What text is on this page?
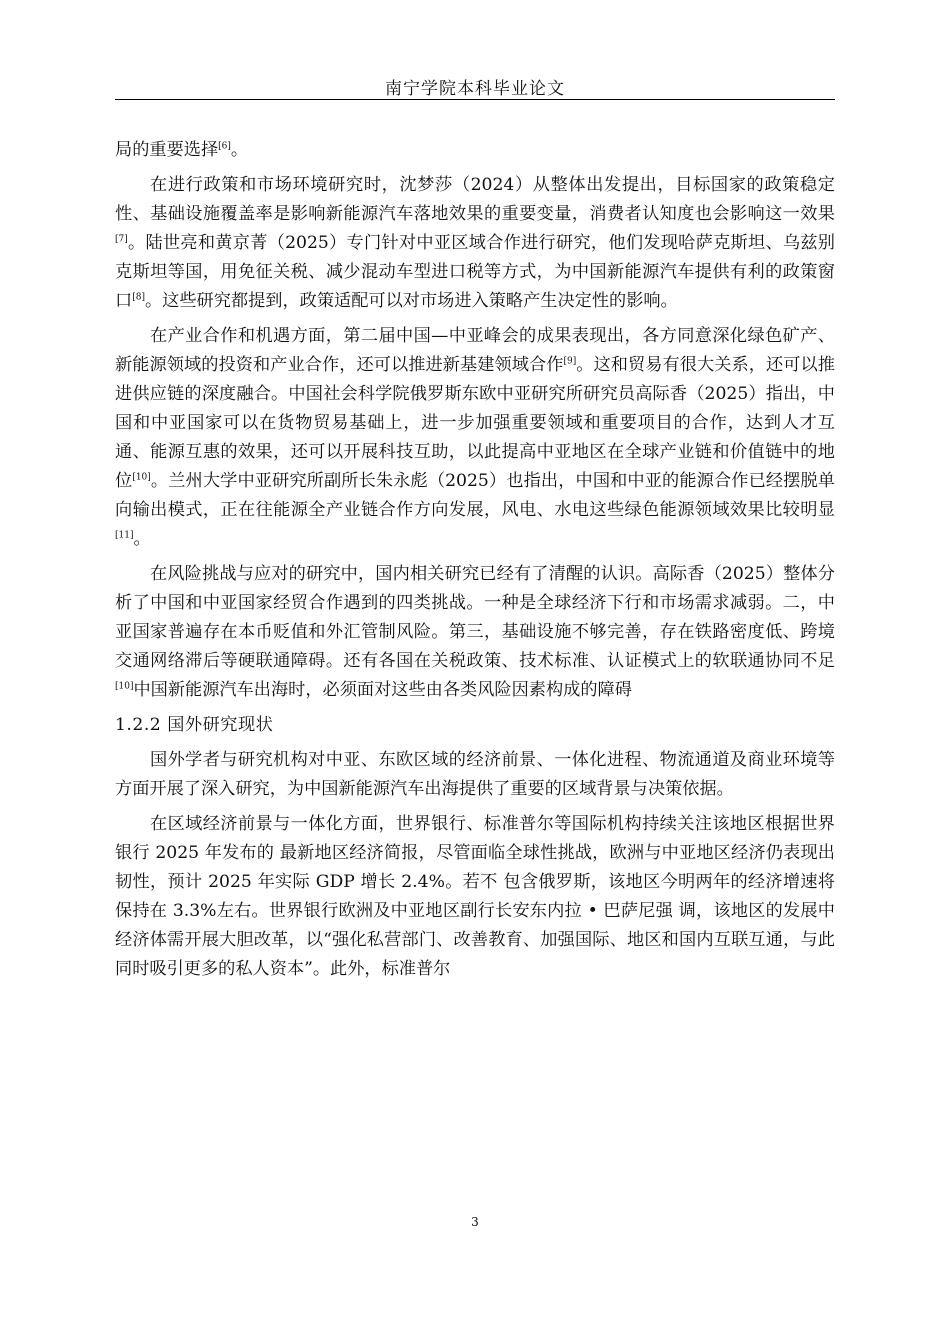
南宁学院本科毕业论文

局的重要选择[6]。

在进行政策和市场环境研究时，沈梦莎（2024）从整体出发提出，目标国家的政策稳定性、基础设施覆盖率是影响新能源汽车落地效果的重要变量，消费者认知度也会影响这一效果[7]。陆世亮和黄京菁（2025）专门针对中亚区域合作进行研究，他们发现哈萨克斯坦、乌兹别克斯坦等国，用免征关税、减少混动车型进口税等方式，为中国新能源汽车提供有利的政策窗口[8]。这些研究都提到，政策适配可以对市场进入策略产生决定性的影响。

在产业合作和机遇方面，第二届中国—中亚峰会的成果表现出，各方同意深化绿色矿产、新能源领域的投资和产业合作，还可以推进新基建领域合作[9]。这和贸易有很大关系，还可以推进供应链的深度融合。中国社会科学院俄罗斯东欧中亚研究所研究员高际香（2025）指出，中国和中亚国家可以在货物贸易基础上，进一步加强重要领域和重要项目的合作，达到人才互通、能源互惠的效果，还可以开展科技互助，以此提高中亚地区在全球产业链和价值链中的地位[10]。兰州大学中亚研究所副所长朱永彪（2025）也指出，中国和中亚的能源合作已经摆脱单向输出模式，正在往能源全产业链合作方向发展，风电、水电这些绿色能源领域效果比较明显[11]。

在风险挑战与应对的研究中，国内相关研究已经有了清醒的认识。高际香（2025）整体分析了中国和中亚国家经贸合作遇到的四类挑战。一种是全球经济下行和市场需求减弱。二，中亚国家普遍存在本币贬值和外汇管制风险。第三，基础设施不够完善，存在铁路密度低、跨境交通网络滞后等硬联通障碍。还有各国在关税政策、技术标准、认证模式上的软联通协同不足[10]中国新能源汽车出海时，必须面对这些由各类风险因素构成的障碍

1.2.2 国外研究现状

国外学者与研究机构对中亚、东欧区域的经济前景、一体化进程、物流通道及商业环境等方面开展了深入研究，为中国新能源汽车出海提供了重要的区域背景与决策依据。

在区域经济前景与一体化方面，世界银行、标准普尔等国际机构持续关注该地区根据世界银行 2025 年发布的 最新地区经济简报，尽管面临全球性挑战，欧洲与中亚地区经济仍表现出韧性，预计 2025 年实际 GDP 增长 2.4%。若不 包含俄罗斯，该地区今明两年的经济增速将保持在 3.3%左右。世界银行欧洲及中亚地区副行长安东内拉 • 巴萨尼强 调，该地区的发展中经济体需开展大胆改革，以“强化私营部门、改善教育、加强国际、地区和国内互联互通，与此同时吸引更多的私人资本”。此外，标准普尔

3
